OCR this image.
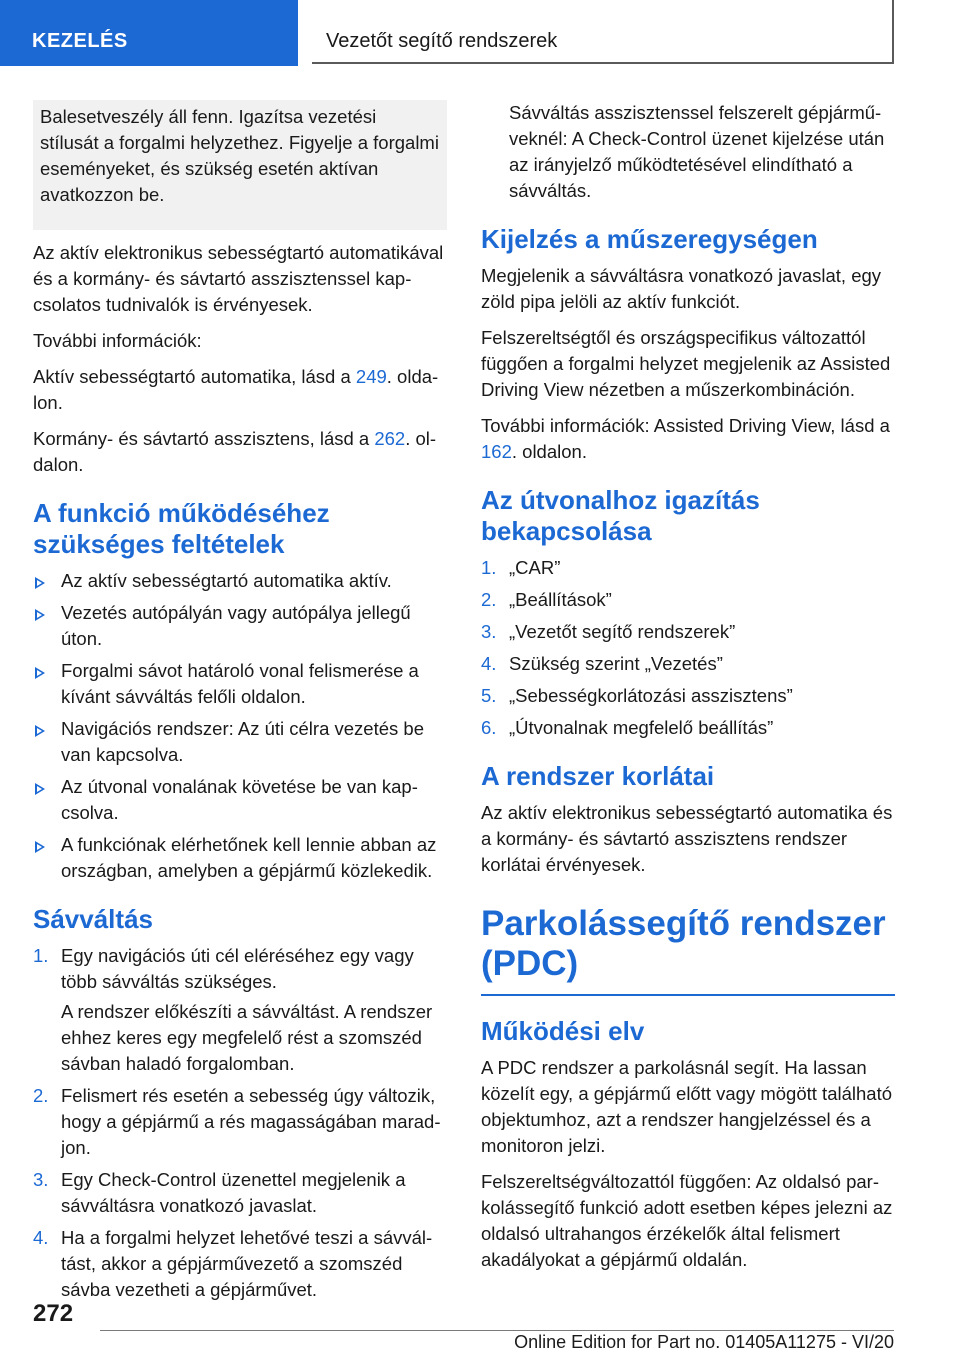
KEZELÉS	Vezetőt segítő rendszerek

Balesetveszély áll fenn. Igazítsa vezetési stílusát a forgalmi helyzethez. Figyelje a forgalmi eseményeket, és szükség esetén aktívan avatkozzon be.

Az aktív elektronikus sebességtartó automatikával és a kormány- és sávtartó asszisztenssel kapcsolatos tudnivalók is érvényesek.

További információk:

Aktív sebességtartó automatika, lásd a 249. oldalon.

Kormány- és sávtartó asszisztens, lásd a 262. oldalon.

A funkció működéséhez szükséges feltételek
Az aktív sebességtartó automatika aktív.
Vezetés autópályán vagy autópálya jellegű úton.
Forgalmi sávot határoló vonal felismerése a kívánt sávváltás felőli oldalon.
Navigációs rendszer: Az úti célra vezetés be van kapcsolva.
Az útvonal vonalának követése be van kapcsolva.
A funkciónak elérhetőnek kell lennie abban az országban, amelyben a gépjármű közlekedik.
Sávváltás
1. Egy navigációs úti cél eléréséhez egy vagy több sávváltás szükséges.
A rendszer előkészíti a sávváltást. A rendszer ehhez keres egy megfelelő rést a szomszéd sávban haladó forgalomban.
2. Felismert rés esetén a sebesség úgy változik, hogy a gépjármű a rés magasságában maradjon.
3. Egy Check-Control üzenettel megjelenik a sávváltásra vonatkozó javaslat.
4. Ha a forgalmi helyzet lehetővé teszi a sávváltást, akkor a gépjárművezető a szomszéd sávba vezetheti a gépjárművet.
Sávváltás asszisztenssel felszerelt gépjárműveknél: A Check-Control üzenet kijelzése után az irányjelző működtetésével elindítható a sávváltás.
Kijelzés a műszeregységen

Megjelenik a sávváltásra vonatkozó javaslat, egy zöld pipa jelöli az aktív funkciót.

Felszereltségtől és országspecifikus változattól függően a forgalmi helyzet megjelenik az Assisted Driving View nézetben a műszerkombináción.

További információk: Assisted Driving View, lásd a 162. oldalon.

Az útvonalhoz igazítás bekapcsolása
1. „CAR”
2. „Beállítások”
3. „Vezetőt segítő rendszerek”
4. Szükség szerint „Vezetés”
5. „Sebességkorlátozási asszisztens”
6. „Útvonalnak megfelelő beállítás”
A rendszer korlátai

Az aktív elektronikus sebességtartó automatika és a kormány- és sávtartó asszisztens rendszer korlátai érvényesek.

Parkolássegítő rendszer (PDC)
Működési elv

A PDC rendszer a parkolásnál segít. Ha lassan közelít egy, a gépjármű előtt vagy mögött található objektumhoz, azt a rendszer hangjelzéssel és a monitoron jelzi.

Felszereltségváltozattól függően: Az oldalsó parkolássegítő funkció adott esetben képes jelezni az oldalsó ultrahangos érzékelők által felismert akadályokat a gépjármű oldalán.

272
Online Edition for Part no. 01405A11275 - VI/20
